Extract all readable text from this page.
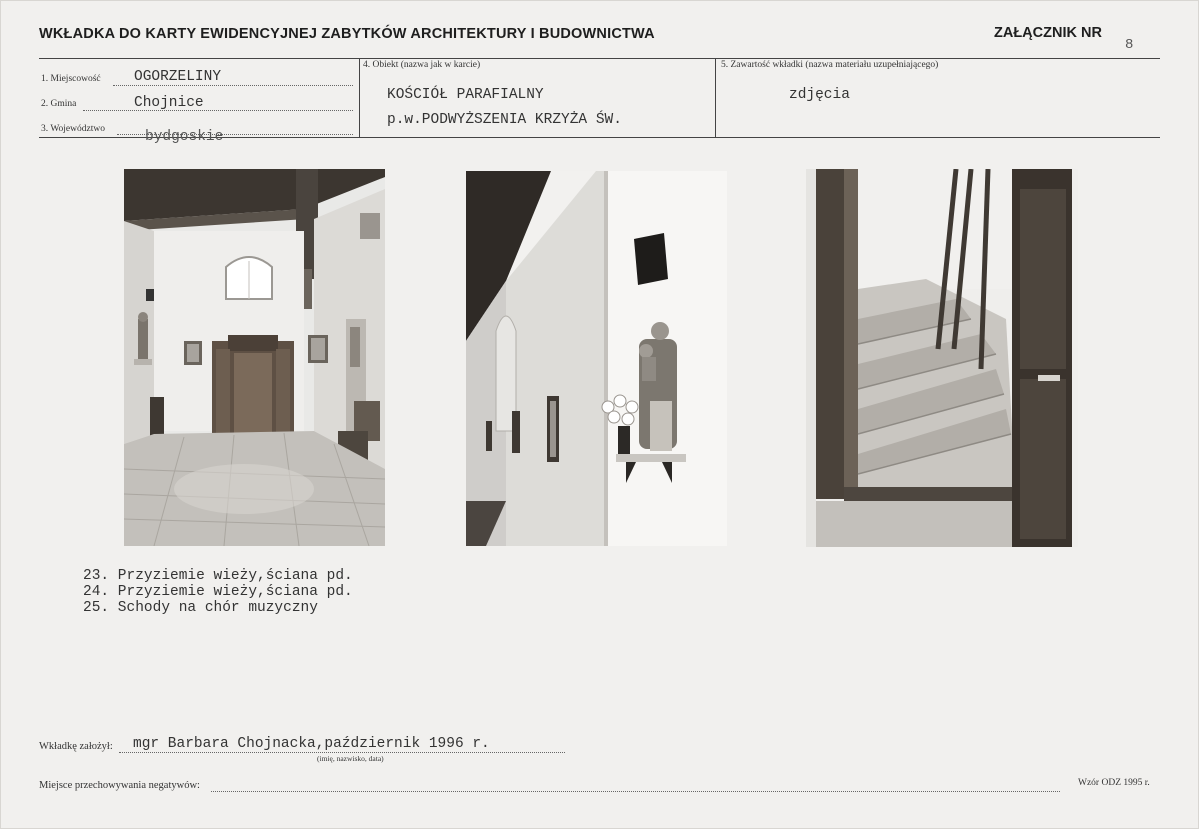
WKŁADKA DO KARTY EWIDENCYJNEJ ZABYTKÓW ARCHITEKTURY I BUDOWNICTWA	ZAŁĄCZNIK NR
8
1. Miejscowość OGORZELINY
2. Gmina	Chojnice
3. Województwo	bydgoskie
4. Obiekt (nazwa jak w karcie)
KOŚCIÓŁ PARAFIALNY
p.w.PODWYŻSZENIA KRZYŻA ŚW.
5. Zawartość wkładki (nazwa materiału uzupełniającego)
zdjęcia
23. Przyziemie wieży,ściana pd.
24. Przyziemie wieży,ściana pd.
25. Schody na chór muzyczny
Wkładkę założył: mgr Barbara Chojnacka,październik 1996 r.
(imię, nazwisko, data)
Miejsce przechowywania negatywów:	Wzór ODZ 1995 r.
